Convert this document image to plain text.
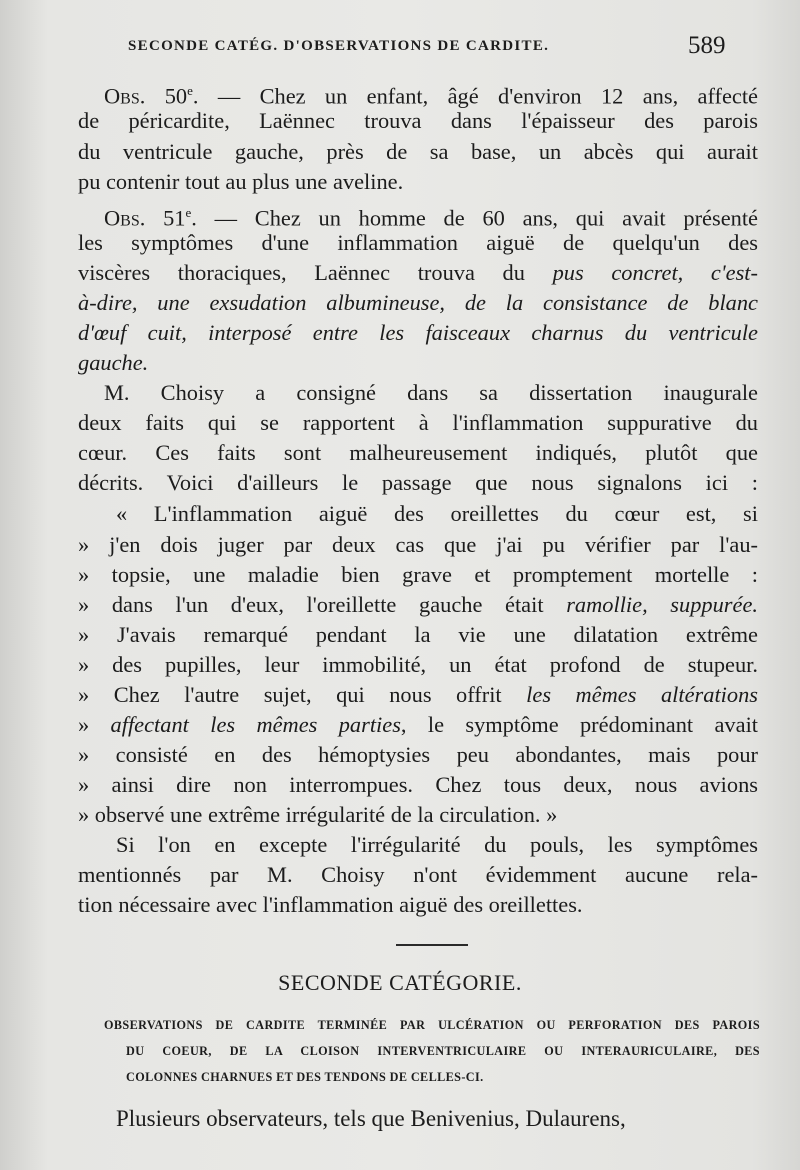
SECONDE CATÉG. D'OBSERVATIONS DE CARDITE.	589
Obs. 50e. — Chez un enfant, âgé d'environ 12 ans, affecté
de péricardite, Laënnec trouva dans l'épaisseur des parois
du ventricule gauche, près de sa base, un abcès qui aurait
pu contenir tout au plus une aveline.
Obs. 51e. — Chez un homme de 60 ans, qui avait présenté
les symptômes d'une inflammation aiguë de quelqu'un des
viscères thoraciques, Laënnec trouva du pus concret, c'est-
à-dire, une exsudation albumineuse, de la consistance de blanc
d'œuf cuit, interposé entre les faisceaux charnus du ventricule
gauche.
M. Choisy a consigné dans sa dissertation inaugurale
deux faits qui se rapportent à l'inflammation suppurative du
cœur. Ces faits sont malheureusement indiqués, plutôt que
décrits. Voici d'ailleurs le passage que nous signalons ici :
« L'inflammation aiguë des oreillettes du cœur est, si
» j'en dois juger par deux cas que j'ai pu vérifier par l'au-
» topsie, une maladie bien grave et promptement mortelle :
» dans l'un d'eux, l'oreillette gauche était ramollie, suppurée.
» J'avais remarqué pendant la vie une dilatation extrême
» des pupilles, leur immobilité, un état profond de stupeur.
» Chez l'autre sujet, qui nous offrit les mêmes altérations
» affectant les mêmes parties, le symptôme prédominant avait
» consisté en des hémoptysies peu abondantes, mais pour
» ainsi dire non interrompues. Chez tous deux, nous avions
» observé une extrême irrégularité de la circulation. »
Si l'on en excepte l'irrégularité du pouls, les symptômes
mentionnés par M. Choisy n'ont évidemment aucune rela-
tion nécessaire avec l'inflammation aiguë des oreillettes.
SECONDE CATÉGORIE.
OBSERVATIONS DE CARDITE TERMINÉE PAR ULCÉRATION OU PERFORATION DES PAROIS
DU COEUR, DE LA CLOISON INTERVENTRICULAIRE OU INTERAURICULAIRE, DES
COLONNES CHARNUES ET DES TENDONS DE CELLES-CI.
Plusieurs observateurs, tels que Benivenius, Dulaurens,
